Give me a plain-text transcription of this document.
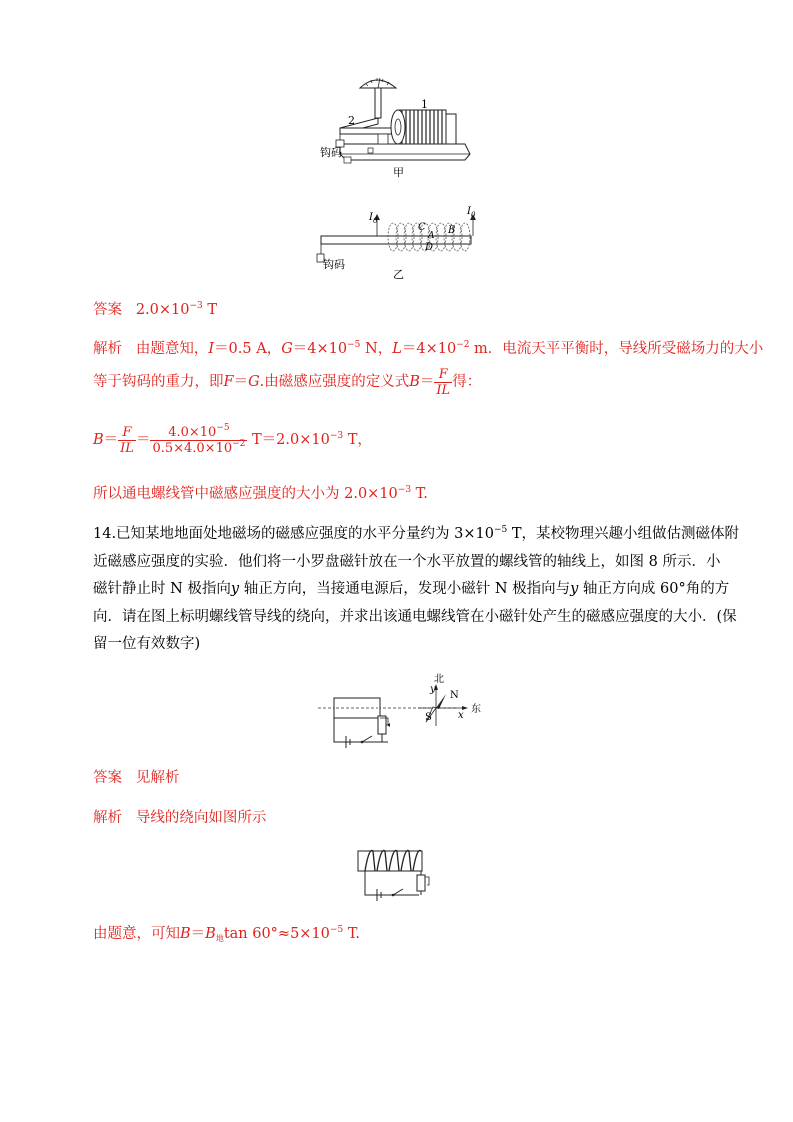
1
2
钩码
甲
$I_0$
$I_0$
C
D
A B
钩码
乙
答案 $2.0\times 10^{-3}$ T
解析 由题意知，I＝0.5 A，$G=4\times 10^{-5}$ N，$L=4\times 10^{-2}$ m．电流天平平衡时，导线所受磁场力的大小
等于钩码的重力，即F＝G.由磁感应强度的定义式$B= \frac{F}{IL}$ 得：
$B= \frac{F}{IL} = \frac{4.0\times 10^{-5}}{0.5\times 4.0\times 10^{-2}} T=2.0\times 10^{-3}$ T，
所以通电螺线管中磁感应强度的大小为 $2.0\times 10^{-3}$ T.
14.已知某地地面处地磁场的磁感应强度的水平分量约为 $3\times 10^{-5}$ T，某校物理兴趣小组做估测磁体附
近磁感应强度的实验．他们将一小罗盘磁针放在一个水平放置的螺线管的轴线上，如图 8 所示．小
磁针静止时 N 极指向y 轴正方向，当接通电源后，发现小磁针 N 极指向与y 轴正方向成 60°角的方
向．请在图上标明螺线管导线的绕向，并求出该通电螺线管在小磁针处产生的磁感应强度的大小．(保
留一位有效数字)
北
y
N
S	x
东
答案 见解析
解析 导线的绕向如图所示
由题意，可知$B=B_地\tan$ $60^\circ\approx 5\times 10^{-5}$ T.
